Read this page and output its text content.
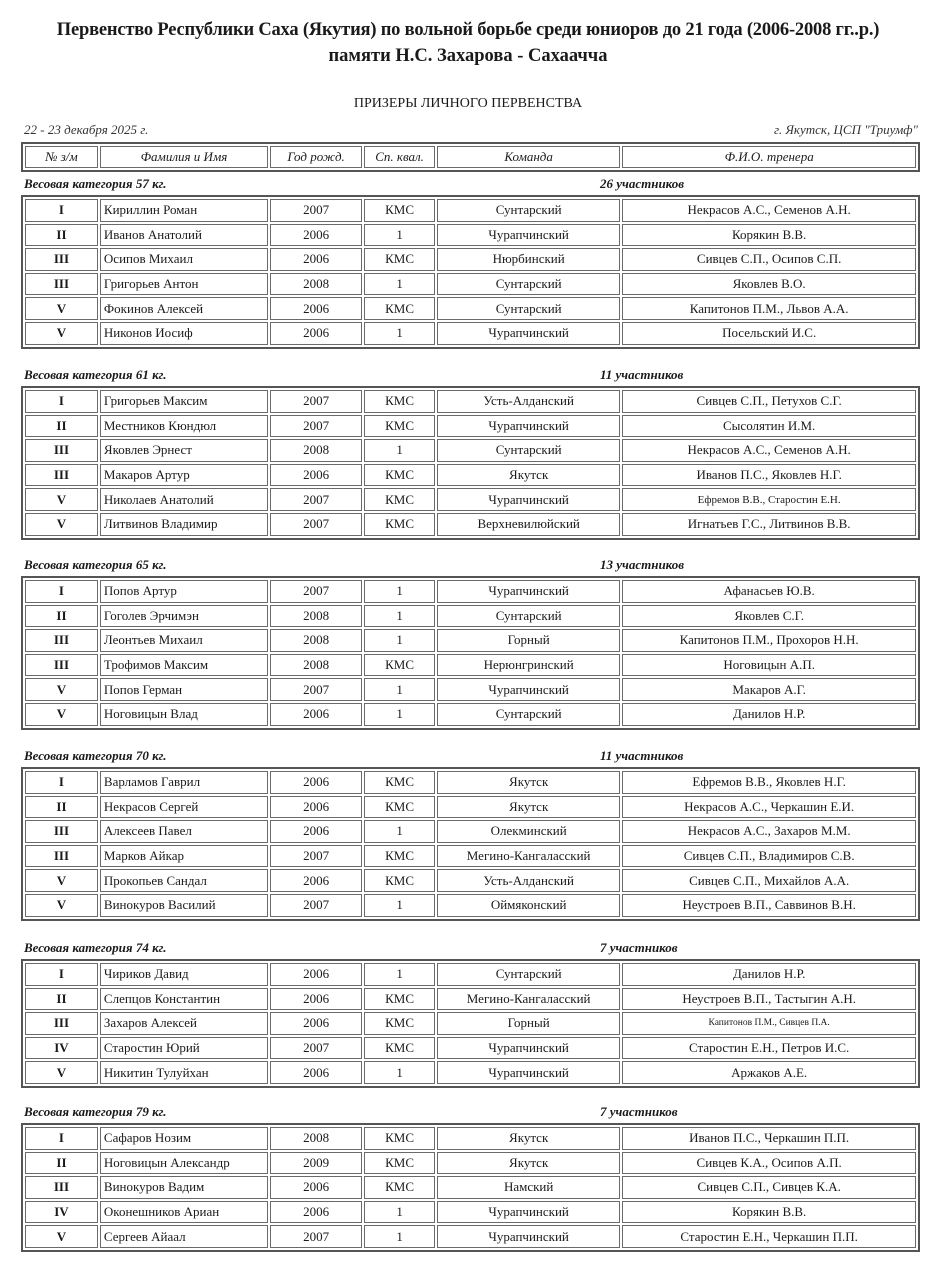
Первенство Республики Саха (Якутия) по вольной борьбе среди юниоров до 21 года (2006-2008 гг..р.)
памяти Н.С. Захарова - Сахаачча
ПРИЗЕРЫ ЛИЧНОГО ПЕРВЕНСТВА
22 - 23 декабря 2025 г.	г. Якутск, ЦСП "Триумф"
№ з/м	Фамилия и Имя	Год рожд.	Сп. квал.	Команда	Ф.И.О. тренера
Весовая категория 57 кг.	26 участников
I	Кириллин Роман	2007	КМС	Сунтарский	Некрасов А.С., Семенов А.Н.
II	Иванов Анатолий	2006	1	Чурапчинский	Корякин В.В.
III	Осипов Михаил	2006	КМС	Нюрбинский	Сивцев С.П., Осипов С.П.
III	Григорьев Антон	2008	1	Сунтарский	Яковлев В.О.
V	Фокинов Алексей	2006	КМС	Сунтарский	Капитонов П.М., Львов А.А.
V	Никонов Иосиф	2006	1	Чурапчинский	Посельский И.С.
Весовая категория 61 кг.	11 участников
I	Григорьев Максим	2007	КМС	Усть-Алданский	Сивцев С.П., Петухов С.Г.
II	Местников Кюндюл	2007	КМС	Чурапчинский	Сысолятин И.М.
III	Яковлев Эрнест	2008	1	Сунтарский	Некрасов А.С., Семенов А.Н.
III	Макаров Артур	2006	КМС	Якутск	Иванов П.С., Яковлев Н.Г.
V	Николаев Анатолий	2007	КМС	Чурапчинский	Ефремов В.В., Старостин Е.Н.
V	Литвинов Владимир	2007	КМС	Верхневилюйский	Игнатьев Г.С., Литвинов В.В.
Весовая категория 65 кг.	13 участников
I	Попов Артур	2007	1	Чурапчинский	Афанасьев Ю.В.
II	Гоголев Эрчимэн	2008	1	Сунтарский	Яковлев С.Г.
III	Леонтьев Михаил	2008	1	Горный	Капитонов П.М., Прохоров Н.Н.
III	Трофимов Максим	2008	КМС	Нерюнгринский	Ноговицын А.П.
V	Попов Герман	2007	1	Чурапчинский	Макаров А.Г.
V	Ноговицын Влад	2006	1	Сунтарский	Данилов Н.Р.
Весовая категория 70 кг.	11 участников
I	Варламов Гаврил	2006	КМС	Якутск	Ефремов В.В., Яковлев Н.Г.
II	Некрасов Сергей	2006	КМС	Якутск	Некрасов А.С., Черкашин Е.И.
III	Алексеев Павел	2006	1	Олекминский	Некрасов А.С., Захаров М.М.
III	Марков Айкар	2007	КМС	Мегино-Кангаласский	Сивцев С.П., Владимиров С.В.
V	Прокопьев Сандал	2006	КМС	Усть-Алданский	Сивцев С.П., Михайлов А.А.
V	Винокуров Василий	2007	1	Оймяконский	Неустроев В.П., Саввинов В.Н.
Весовая категория 74 кг.	7 участников
I	Чириков Давид	2006	1	Сунтарский	Данилов Н.Р.
II	Слепцов Константин	2006	КМС	Мегино-Кангаласский	Неустроев В.П., Тастыгин А.Н.
III	Захаров Алексей	2006	КМС	Горный	Капитонов П.М., Сивцев П.А.
IV	Старостин Юрий	2007	КМС	Чурапчинский	Старостин Е.Н., Петров И.С.
V	Никитин Тулуйхан	2006	1	Чурапчинский	Аржаков А.Е.
Весовая категория 79 кг.	7 участников
I	Сафаров Нозим	2008	КМС	Якутск	Иванов П.С., Черкашин П.П.
II	Ноговицын Александр	2009	КМС	Якутск	Сивцев К.А., Осипов А.П.
III	Винокуров Вадим	2006	КМС	Намский	Сивцев С.П., Сивцев К.А.
IV	Оконешников Ариан	2006	1	Чурапчинский	Корякин В.В.
V	Сергеев Айаал	2007	1	Чурапчинский	Старостин Е.Н., Черкашин П.П.
